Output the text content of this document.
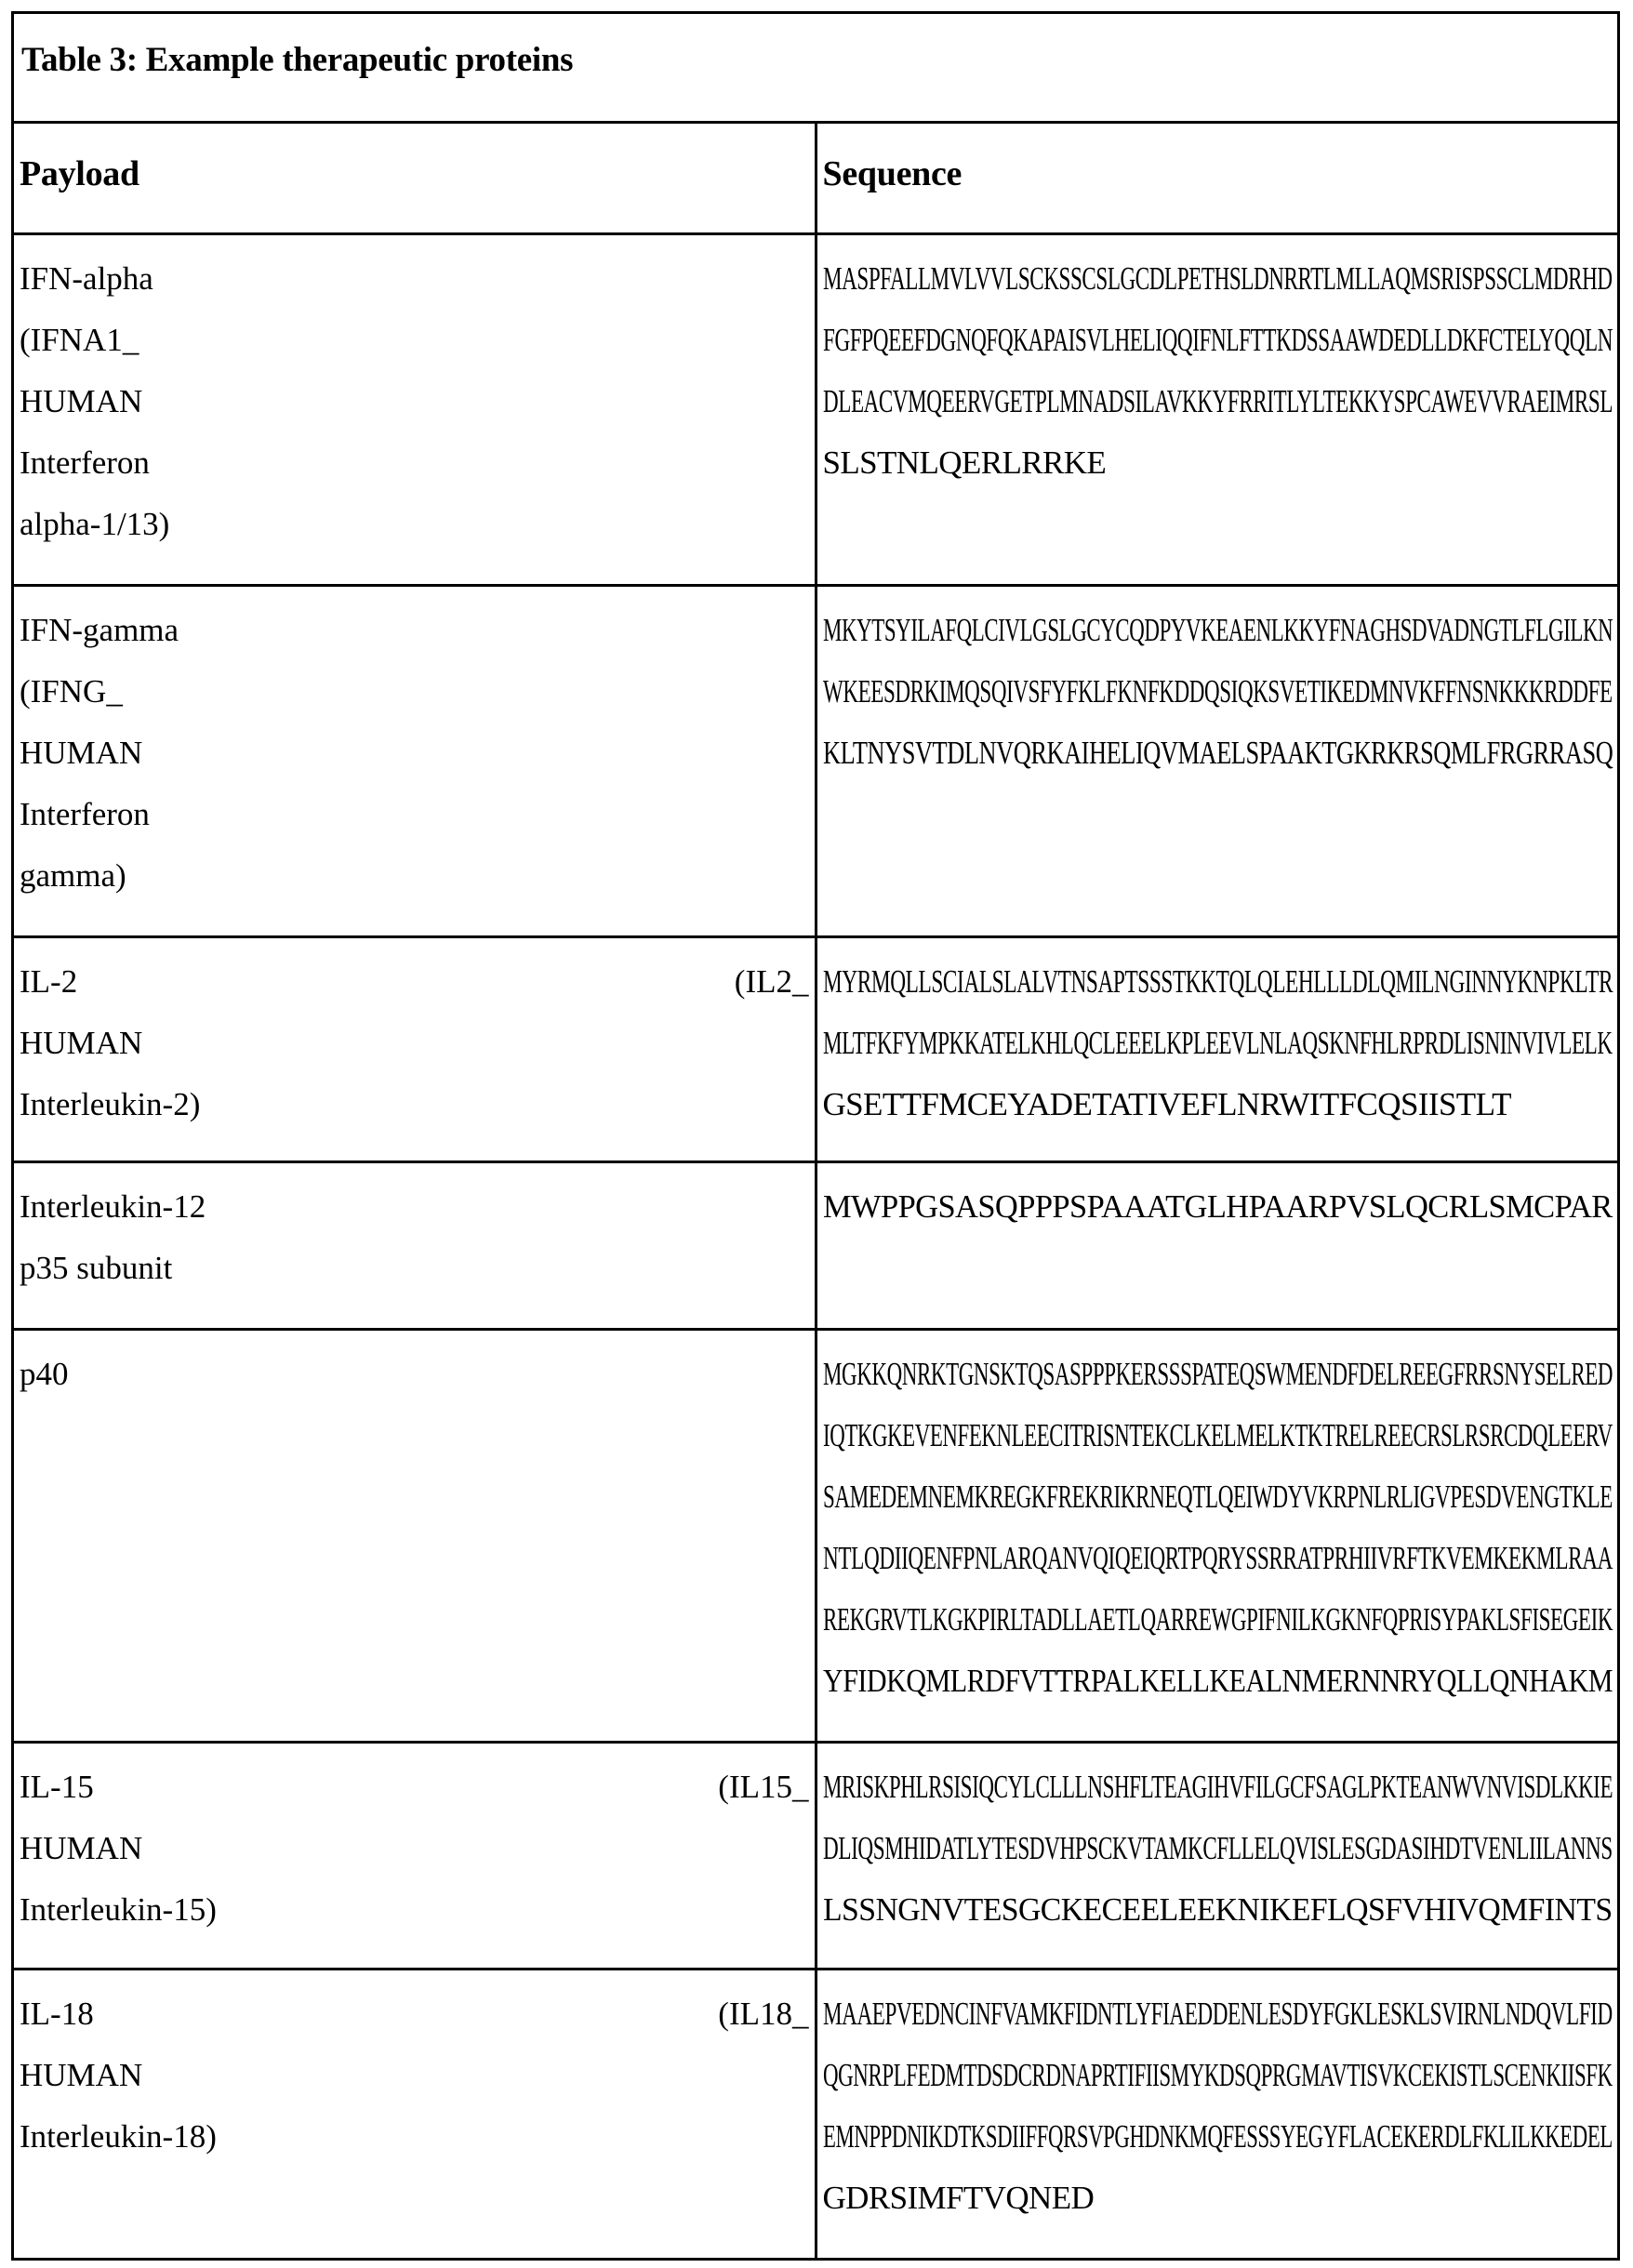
Table 3: Example therapeutic proteins	
Payload	Sequence

IFN-alpha
(IFNA1_
HUMAN
Interferon
alpha-1/13)	MASPFALLMVLVVLSCKSSCSLGCDLPETHSLDNRRTLMLLAQMSRISPSSCLMDRHD
FGFPQEEFDGNQFQKAPAISVLHELIQQIFNLFTTKDSSAAWDEDLLDKFCTELYQQLN
DLEACVMQEERVGETPLMNADSILAVKKYFRRITLYLTEKKYSPCAWEVVRAEIMRSL
SLSTNLQERLRRKE

IFN-gamma
(IFNG_
HUMAN
Interferon
gamma)	MKYTSYILAFQLCIVLGSLGCYCQDPYVKEAENLKKYFNAGHSDVADNGTLFLGILKN
WKEESDRKIMQSQIVSFYFKLFKNFKDDQSIQKSVETIKEDMNVKFFNSNKKKRDDFE
KLTNYSVTDLNVQRKAIHELIQVMAELSPAAKTGKRKRSQMLFRGRRASQ

IL-2 (IL2_
HUMAN
Interleukin-2)	MYRMQLLSCIALSLALVTNSAPTSSSTKKTQLQLEHLLLDLQMILNGINNYKNPKLTR
MLTFKFYMPKKATELKHLQCLEEELKPLEEVLNLAQSKNFHLRPRDLISNINVIVLELK
GSETTFMCEYADETATIVEFLNRWITFCQSIISTLT

Interleukin-12
p35 subunit	MWPPGSASQPPPSPAAATGLHPAARPVSLQCRLSMCPAR

p40	MGKKQNRKTGNSKTQSASPPPKERSSSPATEQSWMENDFDELREEGFRRSNYSELRED
IQTKGKEVENFEKNLEECITRISNTEKCLKELMELKTKTRELREECRSLRSRCDQLEERV
SAMEDEMNEMKREGKFREKRIKRNEQTLQEIWDYVKRPNLRLIGVPESDVENGTKLE
NTLQDIIQENFPNLARQANVQIQEIQRTPQRYSSRRATPRHIIVRFTKVEMKEKMLRAA
REKGRVTLKGKPIRLTADLLAETLQARREWGPIFNILKGKNFQPRISYPAKLSFISEGEIK
YFIDKQMLRDFVTTRPALKELLKEALNMERNNRYQLLQNHAKM

IL-15 (IL15_
HUMAN
Interleukin-15)	MRISKPHLRSISIQCYLCLLLNSHFLTEAGIHVFILGCFSAGLPKTEANWVNVISDLKKIE
DLIQSMHIDATLYTESDVHPSCKVTAMKCFLLELQVISLESGDASIHDTVENLIILANNS
LSSNGNVTESGCKECEELEEKNIKEFLQSFVHIVQMFINTS

IL-18 (IL18_
HUMAN
Interleukin-18)	MAAEPVEDNCINFVAMKFIDNTLYFIAEDDENLESDYFGKLESKLSVIRNLNDQVLFID
QGNRPLFEDMTDSDCRDNAPRTIFIISMYKDSQPRGMAVTISVKCEKISTLSCENKIISFK
EMNPPDNIKDTKSDIIFFQRSVPGHDNKMQFESSSYEGYFLACEKERDLFKLILKKEDEL
GDRSIMFTVQNED
